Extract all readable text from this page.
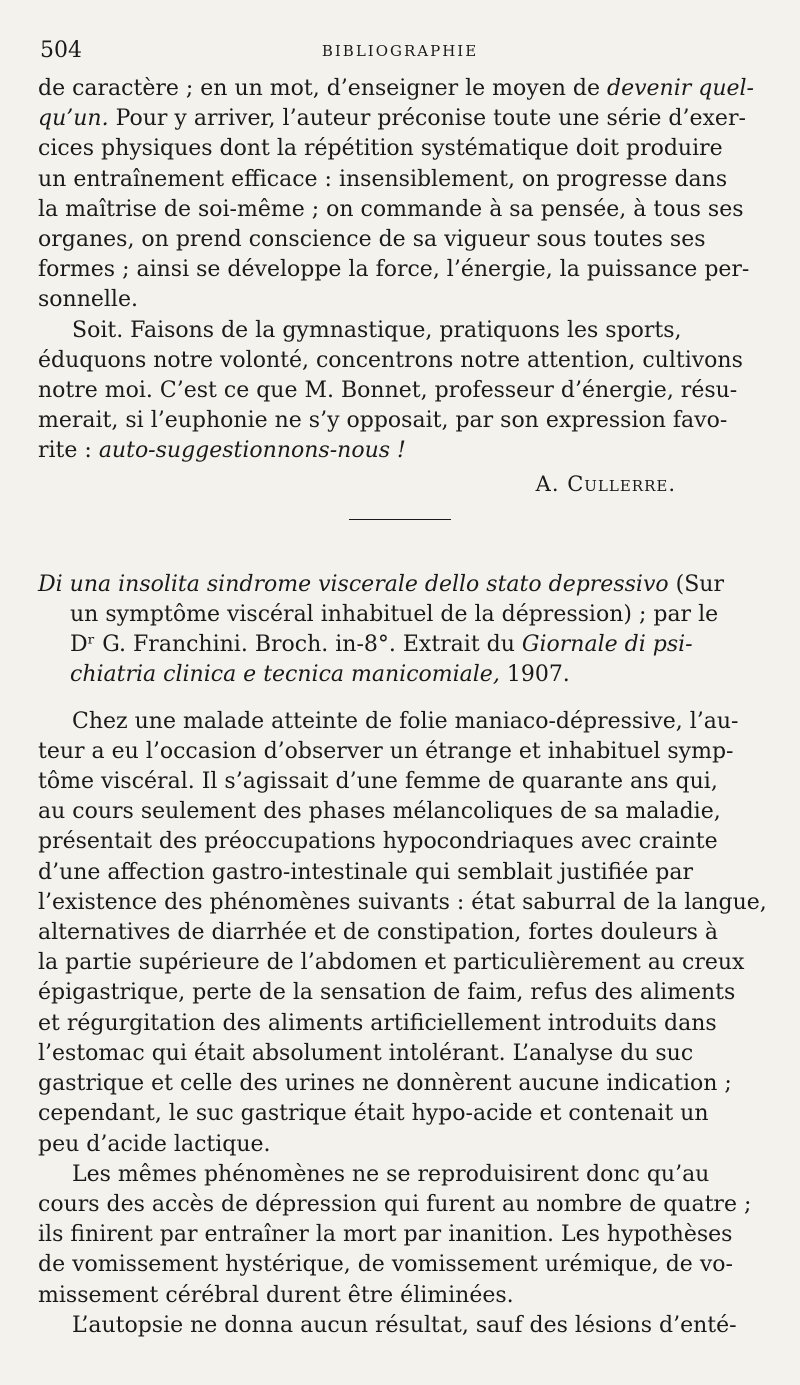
504	BIBLIOGRAPHIE

de caractère ; en un mot, d’enseigner le moyen de devenir quel-
qu’un. Pour y arriver, l’auteur préconise toute une série d’exer-
cices physiques dont la répétition systématique doit produire
un entraînement efficace : insensiblement, on progresse dans
la maîtrise de soi-même ; on commande à sa pensée, à tous ses
organes, on prend conscience de sa vigueur sous toutes ses
formes ; ainsi se développe la force, l’énergie, la puissance per-
sonnelle.

Soit. Faisons de la gymnastique, pratiquons les sports,
éduquons notre volonté, concentrons notre attention, cultivons
notre moi. C’est ce que M. Bonnet, professeur d’énergie, résu-
merait, si l’euphonie ne s’y opposait, par son expression favo-
rite : auto-suggestionnons-nous !

A. Cullerre.

Di una insolita sindrome viscerale dello stato depressivo (Sur
un symptôme viscéral inhabituel de la dépression) ; par le
Dʳ G. Franchini. Broch. in-8°. Extrait du Giornale di psi-
chiatria clinica e tecnica manicomiale, 1907.

Chez une malade atteinte de folie maniaco-dépressive, l’au-
teur a eu l’occasion d’observer un étrange et inhabituel symp-
tôme viscéral. Il s’agissait d’une femme de quarante ans qui,
au cours seulement des phases mélancoliques de sa maladie,
présentait des préoccupations hypocondriaques avec crainte
d’une affection gastro-intestinale qui semblait justifiée par
l’existence des phénomènes suivants : état saburral de la langue,
alternatives de diarrhée et de constipation, fortes douleurs à
la partie supérieure de l’abdomen et particulièrement au creux
épigastrique, perte de la sensation de faim, refus des aliments
et régurgitation des aliments artificiellement introduits dans
l’estomac qui était absolument intolérant. L’analyse du suc
gastrique et celle des urines ne donnèrent aucune indication ;
cependant, le suc gastrique était hypo-acide et contenait un
peu d’acide lactique.

Les mêmes phénomènes ne se reproduisirent donc qu’au
cours des accès de dépression qui furent au nombre de quatre ;
ils finirent par entraîner la mort par inanition. Les hypothèses
de vomissement hystérique, de vomissement urémique, de vo-
missement cérébral durent être éliminées.

L’autopsie ne donna aucun résultat, sauf des lésions d’enté-
